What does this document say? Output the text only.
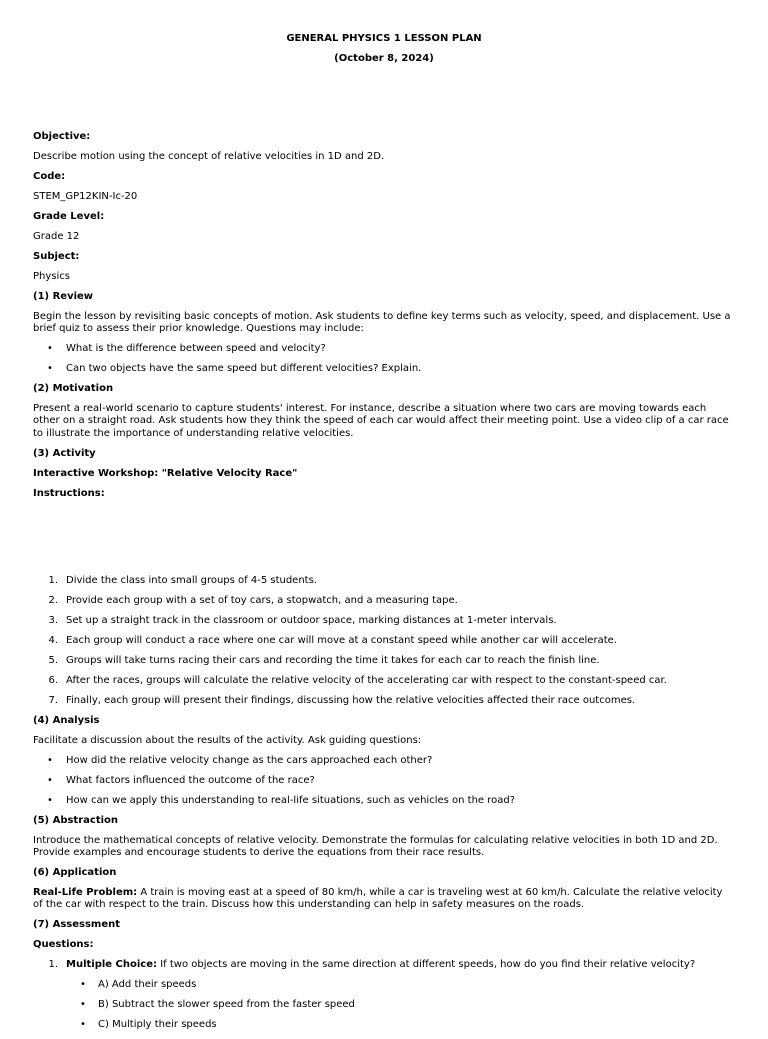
GENERAL PHYSICS 1 LESSON PLAN
(October 8, 2024)
Objective:
Describe motion using the concept of relative velocities in 1D and 2D.
Code:
STEM_GP12KIN-Ic-20
Grade Level:
Grade 12
Subject:
Physics
(1) Review
Begin the lesson by revisiting basic concepts of motion. Ask students to define key terms such as velocity, speed, and displacement. Use a
brief quiz to assess their prior knowledge. Questions may include:
• What is the difference between speed and velocity?
• Can two objects have the same speed but different velocities? Explain.
(2) Motivation
Present a real-world scenario to capture students' interest. For instance, describe a situation where two cars are moving towards each
other on a straight road. Ask students how they think the speed of each car would affect their meeting point. Use a video clip of a car race
to illustrate the importance of understanding relative velocities.
(3) Activity
Interactive Workshop: "Relative Velocity Race"
Instructions:
1. Divide the class into small groups of 4-5 students.
2. Provide each group with a set of toy cars, a stopwatch, and a measuring tape.
3. Set up a straight track in the classroom or outdoor space, marking distances at 1-meter intervals.
4. Each group will conduct a race where one car will move at a constant speed while another car will accelerate.
5. Groups will take turns racing their cars and recording the time it takes for each car to reach the finish line.
6. After the races, groups will calculate the relative velocity of the accelerating car with respect to the constant-speed car.
7. Finally, each group will present their findings, discussing how the relative velocities affected their race outcomes.
(4) Analysis
Facilitate a discussion about the results of the activity. Ask guiding questions:
• How did the relative velocity change as the cars approached each other?
• What factors influenced the outcome of the race?
• How can we apply this understanding to real-life situations, such as vehicles on the road?
(5) Abstraction
Introduce the mathematical concepts of relative velocity. Demonstrate the formulas for calculating relative velocities in both 1D and 2D.
Provide examples and encourage students to derive the equations from their race results.
(6) Application
Real-Life Problem: A train is moving east at a speed of 80 km/h, while a car is traveling west at 60 km/h. Calculate the relative velocity
of the car with respect to the train. Discuss how this understanding can help in safety measures on the roads.
(7) Assessment
Questions:
1. Multiple Choice: If two objects are moving in the same direction at different speeds, how do you find their relative velocity?
• A) Add their speeds
• B) Subtract the slower speed from the faster speed
• C) Multiply their speeds
